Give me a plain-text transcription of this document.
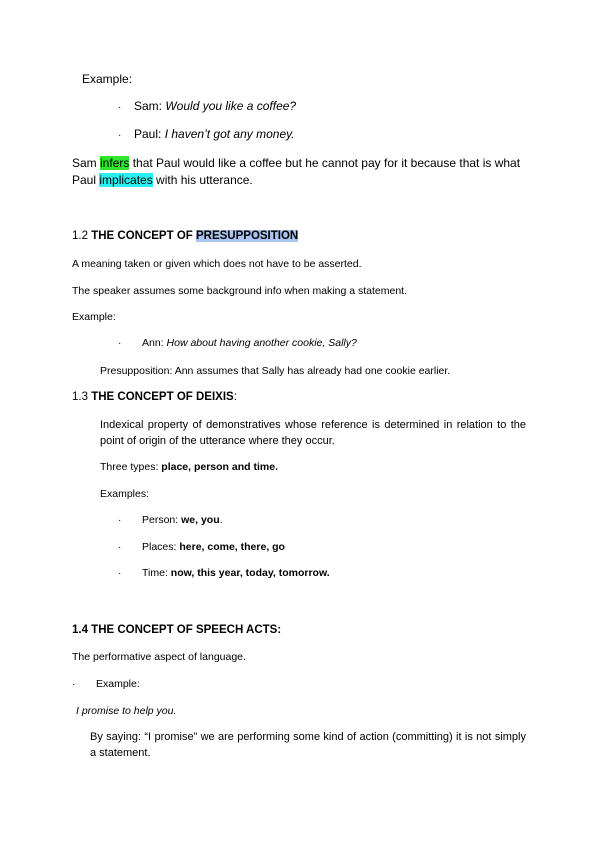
Example:
· Sam: Would you like a coffee?
· Paul: I haven’t got any money.
Sam infers that Paul would like a coffee but he cannot pay for it because that is what
Paul implicates with his utterance.
1.2 THE CONCEPT OF PRESUPPOSITION
A meaning taken or given which does not have to be asserted.
The speaker assumes some background info when making a statement.
Example:
· Ann: How about having another cookie, Sally?
Presupposition: Ann assumes that Sally has already had one cookie earlier.
1.3 THE CONCEPT OF DEIXIS:
Indexical property of demonstratives whose reference is determined in relation to the point of origin of the utterance where they occur.
Three types: place, person and time.
Examples:
· Person: we, you.
· Places: here, come, there, go
· Time: now, this year, today, tomorrow.
1.4 THE CONCEPT OF SPEECH ACTS:
The performative aspect of language.
· Example:
I promise to help you.
By saying: “I promise” we are performing some kind of action (committing) it is not simply a statement.
